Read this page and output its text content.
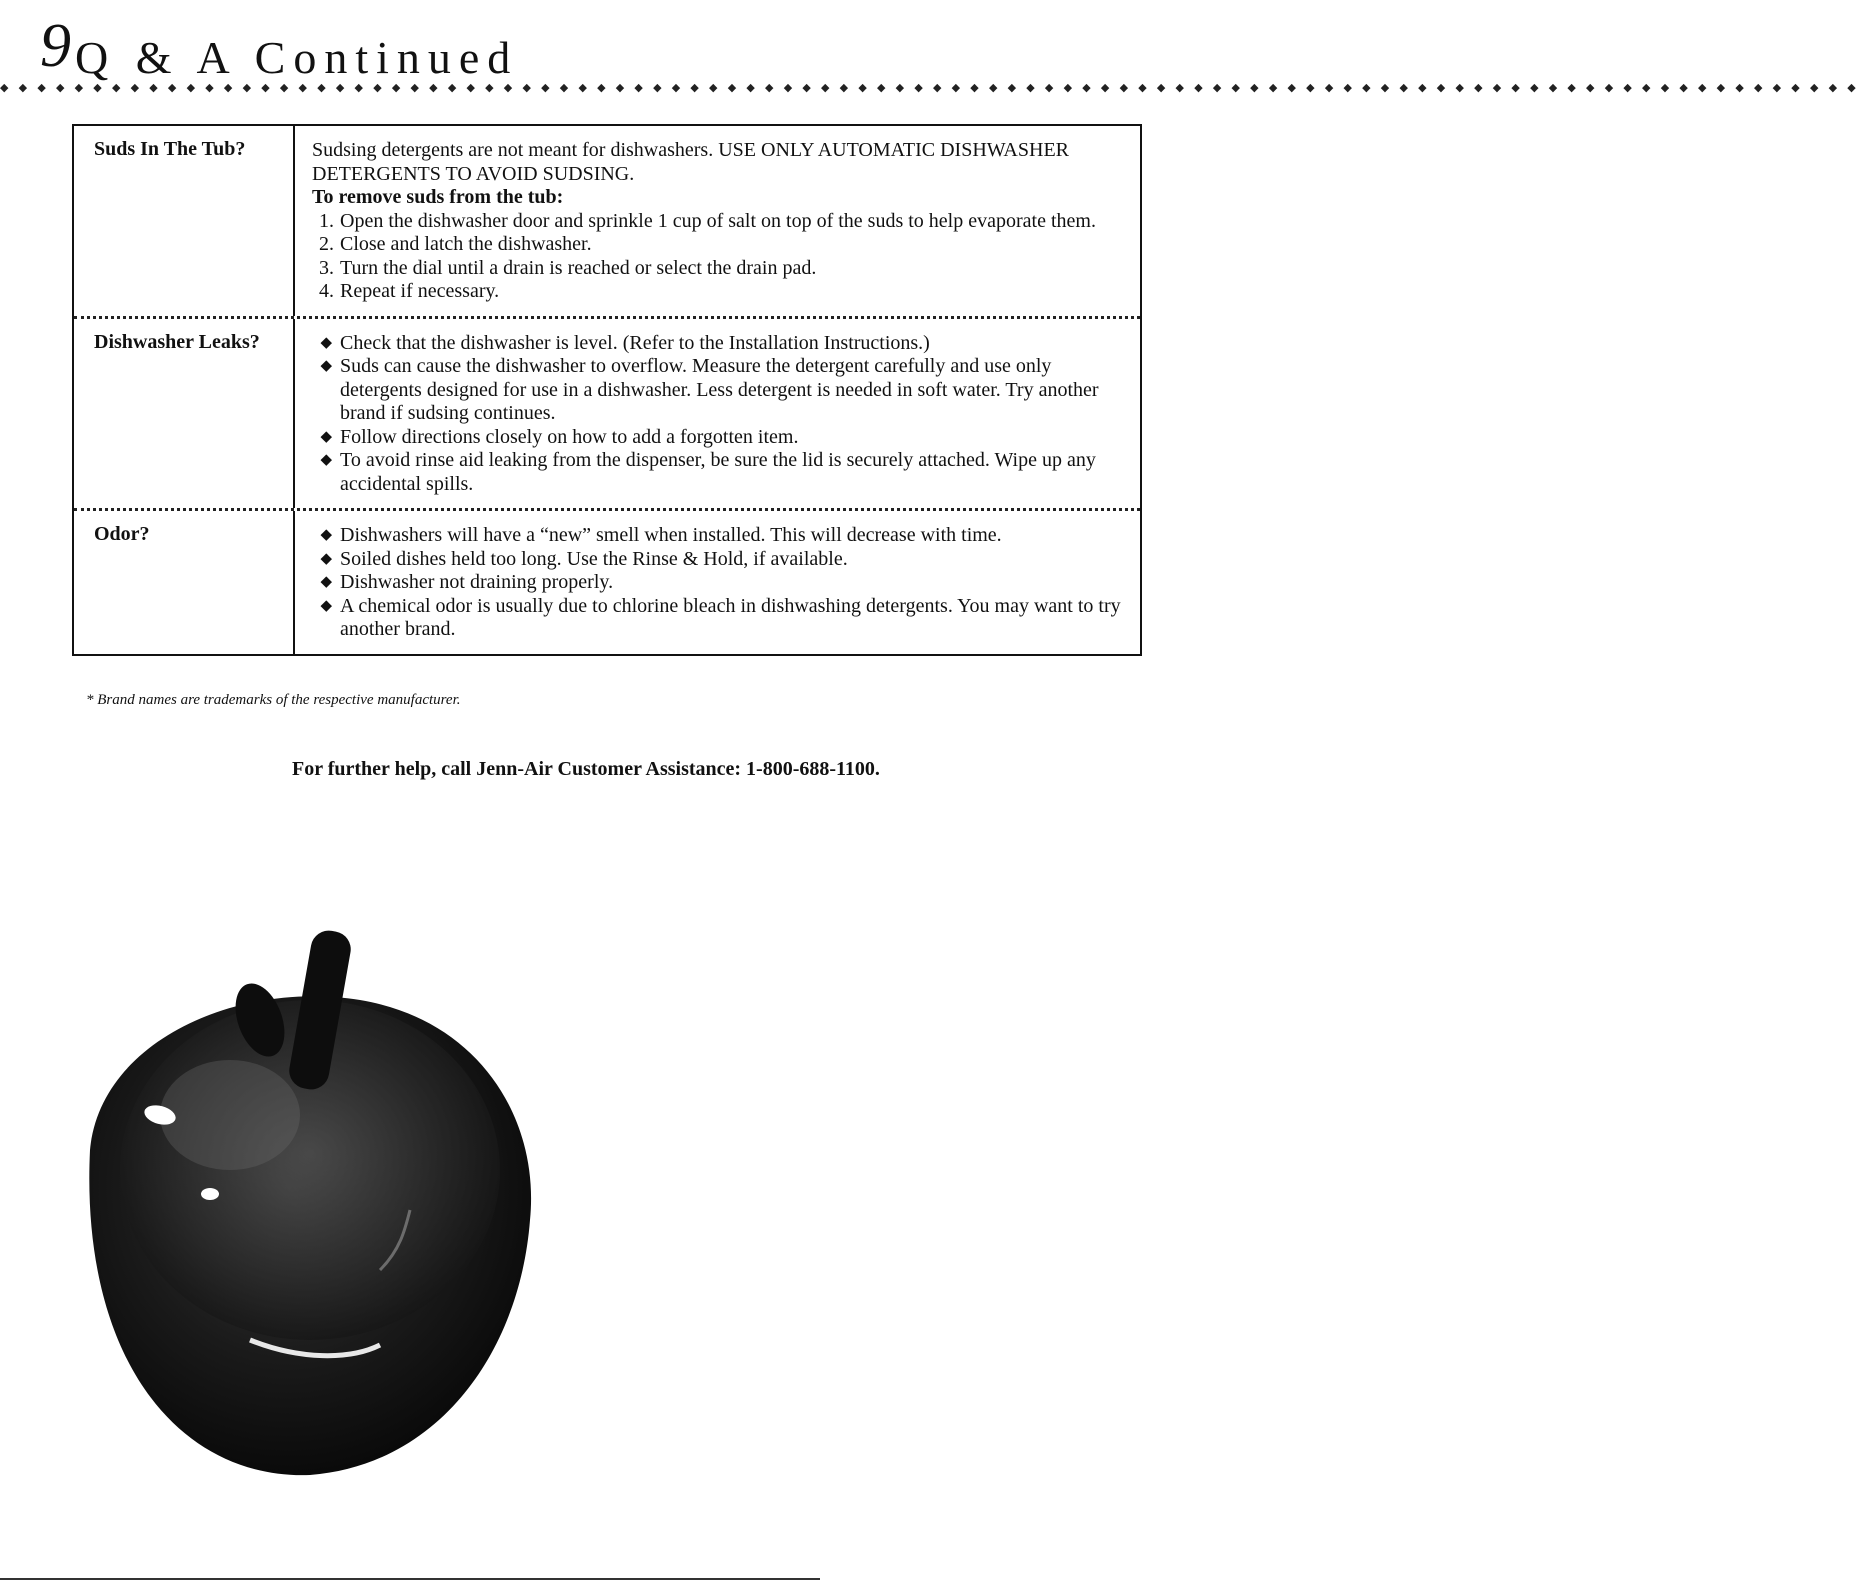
9 Q & A Continued
◆◆◆◆◆◆◆◆◆◆◆◆◆◆◆◆◆◆◆◆◆◆◆◆◆◆◆◆◆◆◆◆◆◆◆◆◆◆◆◆◆◆◆◆◆◆◆◆◆◆◆◆◆◆◆◆◆◆◆◆◆◆◆◆◆◆◆◆◆◆◆◆◆◆◆◆◆◆◆◆◆◆◆◆◆◆◆◆◆◆◆◆◆◆◆◆◆◆◆◆
Suds In The Tub?	Sudsing detergents are not meant for dishwashers. USE ONLY AUTOMATIC DISHWASHER DETERGENTS TO AVOID SUDSING.

To remove suds from the tub:

1. Open the dishwasher door and sprinkle 1 cup of salt on top of the suds to help evaporate them.
2. Close and latch the dishwasher.
3. Turn the dial until a drain is reached or select the drain pad.
4. Repeat if necessary.
Dishwasher Leaks?	◆ Check that the dishwasher is level. (Refer to the Installation Instructions.)
◆ Suds can cause the dishwasher to overflow. Measure the detergent carefully and use only detergents designed for use in a dishwasher. Less detergent is needed in soft water. Try another brand if sudsing continues.
◆ Follow directions closely on how to add a forgotten item.
◆ To avoid rinse aid leaking from the dispenser, be sure the lid is securely attached. Wipe up any accidental spills.
Odor?	◆ Dishwashers will have a “new” smell when installed. This will decrease with time.
◆ Soiled dishes held too long. Use the Rinse & Hold, if available.
◆ Dishwasher not draining properly.
◆ A chemical odor is usually due to chlorine bleach in dishwashing detergents. You may want to try another brand.
* Brand names are trademarks of the respective manufacturer.
For further help, call Jenn-Air Customer Assistance: 1-800-688-1100.
